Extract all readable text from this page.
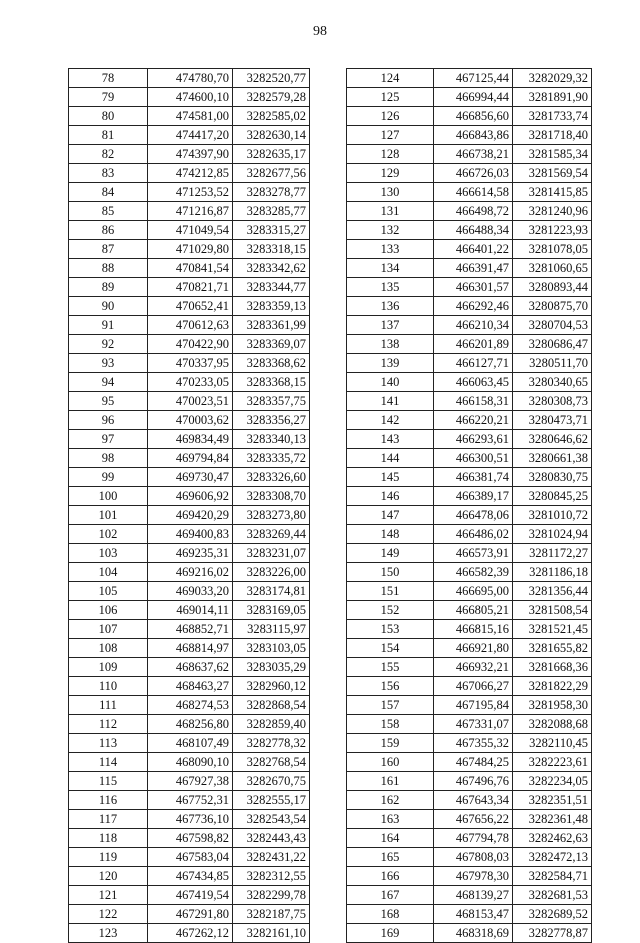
98
78	474780,70	3282520,77
79	474600,10	3282579,28
80	474581,00	3282585,02
81	474417,20	3282630,14
82	474397,90	3282635,17
83	474212,85	3282677,56
84	471253,52	3283278,77
85	471216,87	3283285,77
86	471049,54	3283315,27
87	471029,80	3283318,15
88	470841,54	3283342,62
89	470821,71	3283344,77
90	470652,41	3283359,13
91	470612,63	3283361,99
92	470422,90	3283369,07
93	470337,95	3283368,62
94	470233,05	3283368,15
95	470023,51	3283357,75
96	470003,62	3283356,27
97	469834,49	3283340,13
98	469794,84	3283335,72
99	469730,47	3283326,60
100	469606,92	3283308,70
101	469420,29	3283273,80
102	469400,83	3283269,44
103	469235,31	3283231,07
104	469216,02	3283226,00
105	469033,20	3283174,81
106	469014,11	3283169,05
107	468852,71	3283115,97
108	468814,97	3283103,05
109	468637,62	3283035,29
110	468463,27	3282960,12
111	468274,53	3282868,54
112	468256,80	3282859,40
113	468107,49	3282778,32
114	468090,10	3282768,54
115	467927,38	3282670,75
116	467752,31	3282555,17
117	467736,10	3282543,54
118	467598,82	3282443,43
119	467583,04	3282431,22
120	467434,85	3282312,55
121	467419,54	3282299,78
122	467291,80	3282187,75
123	467262,12	3282161,10
124	467125,44	3282029,32
125	466994,44	3281891,90
126	466856,60	3281733,74
127	466843,86	3281718,40
128	466738,21	3281585,34
129	466726,03	3281569,54
130	466614,58	3281415,85
131	466498,72	3281240,96
132	466488,34	3281223,93
133	466401,22	3281078,05
134	466391,47	3281060,65
135	466301,57	3280893,44
136	466292,46	3280875,70
137	466210,34	3280704,53
138	466201,89	3280686,47
139	466127,71	3280511,70
140	466063,45	3280340,65
141	466158,31	3280308,73
142	466220,21	3280473,71
143	466293,61	3280646,62
144	466300,51	3280661,38
145	466381,74	3280830,75
146	466389,17	3280845,25
147	466478,06	3281010,72
148	466486,02	3281024,94
149	466573,91	3281172,27
150	466582,39	3281186,18
151	466695,00	3281356,44
152	466805,21	3281508,54
153	466815,16	3281521,45
154	466921,80	3281655,82
155	466932,21	3281668,36
156	467066,27	3281822,29
157	467195,84	3281958,30
158	467331,07	3282088,68
159	467355,32	3282110,45
160	467484,25	3282223,61
161	467496,76	3282234,05
162	467643,34	3282351,51
163	467656,22	3282361,48
164	467794,78	3282462,63
165	467808,03	3282472,13
166	467978,30	3282584,71
167	468139,27	3282681,53
168	468153,47	3282689,52
169	468318,69	3282778,87
